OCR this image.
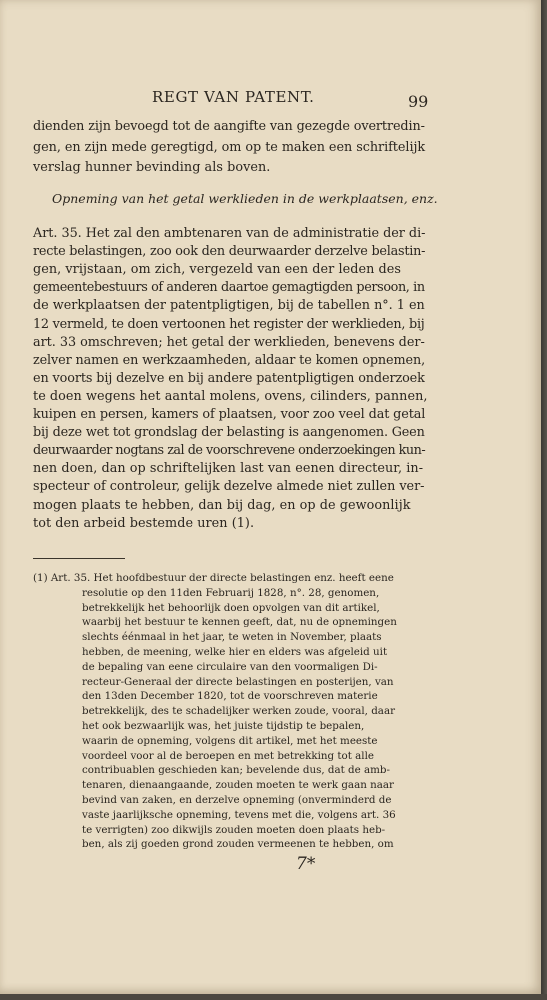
REGT VAN PATENT.	99
dienden zijn bevoegd tot de aangifte van gezegde overtredin-
gen, en zijn mede geregtigd, om op te maken een schriftelijk
verslag hunner bevinding als boven.
Opneming van het getal werklieden in de werkplaatsen, enz.
Art. 35. Het zal den ambtenaren van de administratie der di-
recte belastingen, zoo ook den deurwaarder derzelve belastin-
gen, vrijstaan, om zich, vergezeld van een der leden des
gemeentebestuurs of anderen daartoe gemagtigden persoon, in
de werkplaatsen der patentpligtigen, bij de tabellen n°. 1 en
12 vermeld, te doen vertoonen het register der werklieden, bij
art. 33 omschreven; het getal der werklieden, benevens der-
zelver namen en werkzaamheden, aldaar te komen opnemen,
en voorts bij dezelve en bij andere patentpligtigen onderzoek
te doen wegens het aantal molens, ovens, cilinders, pannen,
kuipen en persen, kamers of plaatsen, voor zoo veel dat getal
bij deze wet tot grondslag der belasting is aangenomen. Geen
deurwaarder nogtans zal de voorschrevene onderzoekingen kun-
nen doen, dan op schriftelijken last van eenen directeur, in-
specteur of controleur, gelijk dezelve almede niet zullen ver-
mogen plaats te hebben, dan bij dag, en op de gewoonlijk
tot den arbeid bestemde uren (1).
(1) Art. 35. Het hoofdbestuur der directe belastingen enz. heeft eene
resolutie op den 11den Februarij 1828, n°. 28, genomen,
betrekkelijk het behoorlijk doen opvolgen van dit artikel,
waarbij het bestuur te kennen geeft, dat, nu de opnemingen
slechts éénmaal in het jaar, te weten in November, plaats
hebben, de meening, welke hier en elders was afgeleid uit
de bepaling van eene circulaire van den voormaligen Di-
recteur-Generaal der directe belastingen en posterijen, van
den 13den December 1820, tot de voorschreven materie
betrekkelijk, des te schadelijker werken zoude, vooral, daar
het ook bezwaarlijk was, het juiste tijdstip te bepalen,
waarin de opneming, volgens dit artikel, met het meeste
voordeel voor al de beroepen en met betrekking tot alle
contribuablen geschieden kan; bevelende dus, dat de amb-
tenaren, dienaangaande, zouden moeten te werk gaan naar
bevind van zaken, en derzelve opneming (onverminderd de
vaste jaarlijksche opneming, tevens met die, volgens art. 36
te verrigten) zoo dikwijls zouden moeten doen plaats heb-
ben, als zij goeden grond zouden vermeenen te hebben, om
7*
